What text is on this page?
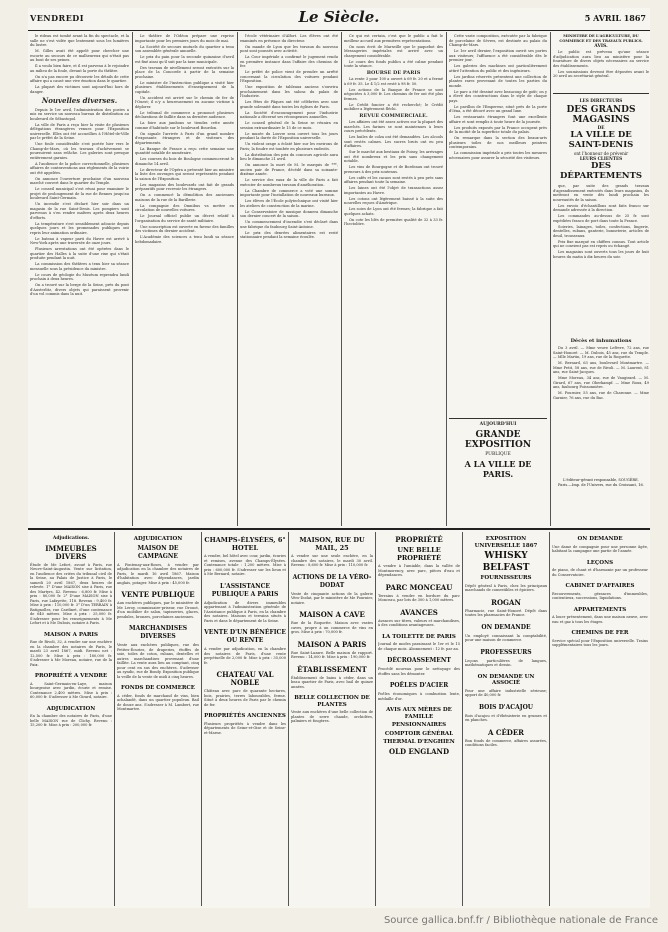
VENDREDI	Le Siècle.	5 AVRIL 1867

le rideau est tombé avant la fin du spectacle, et la salle ne s'est vidée que lentement sous les lumières du lustre.

M. Gilles avait été appelé pour chercher une escorte au secours de ce malheureux qui n'était pas au bout de ses peines.

Il a voulu bien faire, et il est parvenu à le rejoindre au milieu de la foule, devant la porte du théâtre.

On n'a pas encore pu découvrir les détails de cette affaire qui a causé une vive émotion dans le quartier.

La plupart des victimes sont aujourd'hui hors de danger.

Nouvelles diverses.

Depuis le 1er avril, l'administration des postes a mis en service un nouveau bureau de distribution au boulevard de Sébastopol.

La ville de Paris a reçu hier la visite de plusieurs délégations étrangères venues pour l'Exposition universelle. Elles ont été accueillies à l'Hôtel-de-Ville par le préfet de la Seine.

Une foule considérable s'est portée hier vers le Champ-de-Mars, où les travaux d'achèvement se poursuivent sans relâche. Les galeries sont presque entièrement garnies.

A l'audience de la police correctionnelle, plusieurs affaires de contraventions aux règlements de la voirie ont été appelées.

On annonce l'ouverture prochaine d'un nouveau marché couvert dans le quartier du Temple.

Le conseil municipal s'est réuni pour examiner le projet de prolongement de la rue de Rennes jusqu'au boulevard Saint-Germain.

Un incendie s'est déclaré hier soir dans un magasin de la rue Saint-Denis. Les pompiers sont parvenus à s'en rendre maîtres après deux heures d'efforts.

La température s'est sensiblement adoucie depuis quelques jours et les promenades publiques ont repris leur animation ordinaire.

Le bateau à vapeur parti du Havre est arrivé à New-York après une traversée de onze jours.

Plusieurs arrestations ont été opérées dans le quartier des Halles à la suite d'une rixe qui s'était produite pendant la nuit.

La commission des théâtres a tenu hier sa séance mensuelle sous la présidence du ministre.

Le cours de géologie du Muséum reprendra lundi prochain à deux heures.

On a trouvé sur la berge de la Seine, près du pont d'Austerlitz, divers objets qui paraissent provenir d'un vol commis dans la nuit.

Le théâtre de l'Odéon prépare une reprise importante pour les premiers jours du mois de mai.

La Société de secours mutuels du quartier a tenu son assemblée générale annuelle.

Le prix du pain pour la seconde quinzaine d'avril est fixé ainsi qu'il suit par la taxe municipale.

Des travaux de nivellement seront exécutés sur la place de la Concorde à partir de la semaine prochaine.

Le ministre de l'instruction publique a visité hier plusieurs établissements d'enseignement de la capitale.

Un accident est arrivé sur le chemin de fer de l'Ouest; il n'y a heureusement eu aucune victime à déplorer.

Le tribunal de commerce a prononcé plusieurs déclarations de faillite dans sa dernière audience.

La foire aux jambons se tiendra cette année comme d'habitude sur le boulevard Bourdon.

On signale l'arrivée à Paris d'un grand nombre d'exposants étrangers et de visiteurs des départements.

La Banque de France a reçu cette semaine une quantité notable de numéraire.

Les courses du bois de Boulogne commenceront le dimanche 14 avril.

Le directeur de l'Opéra a présenté hier au ministre la liste des ouvrages qui seront représentés pendant la saison de l'Exposition.

Les magasins des boulevards ont fait de grands préparatifs pour recevoir les étrangers.

On a commencé la démolition des anciennes maisons de la rue de la Barillerie.

La compagnie des Omnibus va mettre en circulation de nouvelles voitures.

Le Journal officiel publie un décret relatif à l'organisation du service de santé militaire.

Une souscription est ouverte en faveur des familles des victimes du dernier accident.

L'Académie des sciences a tenu lundi sa séance hebdomadaire.

l'école vétérinaire d'Alfort. Les élèves ont été examinés en présence du directeur.

On mande de Lyon que les travaux du nouveau pont sont poussés avec activité.

La Cour impériale a confirmé le jugement rendu en première instance dans l'affaire des chemins de fer.

Le préfet de police vient de prendre un arrêté concernant la circulation des voitures pendant l'Exposition.

Une exposition de tableaux anciens s'ouvrira prochainement dans les salons du palais de l'Industrie.

Les fêtes de Pâques ont été célébrées avec une grande solennité dans toutes les églises de Paris.

La Société d'encouragement pour l'industrie nationale a décerné ses récompenses annuelles.

Le conseil général de la Seine se réunira en session extraordinaire le 15 de ce mois.

Le musée du Louvre sera ouvert tous les jours pendant la durée de l'Exposition universelle.

Un violent orage a éclaté hier sur les environs de Paris; la foudre est tombée en plusieurs endroits.

La distribution des prix du concours agricole aura lieu le dimanche 21 avril.

On annonce la mort de M. le marquis de ***, ancien pair de France, décédé dans sa soixante-dixième année.

Le service des eaux de la ville de Paris a fait exécuter de nombreux travaux d'amélioration.

La Chambre de commerce a voté une somme importante pour l'installation de nouveaux bureaux.

Les élèves de l'École polytechnique ont visité hier les ateliers de construction de la marine.

Le Conservatoire de musique donnera dimanche son dernier concert de la saison.

Un commencement d'incendie s'est déclaré dans une fabrique du faubourg Saint-Antoine.

Le prix des denrées alimentaires est resté stationnaire pendant la semaine écoulée.

Ce qui est certain, c'est que le public a fait le meilleur accueil aux premières représentations.

On nous écrit de Marseille que le paquebot des Messageries impériales est arrivé avec un chargement considérable.

Le cours des fonds publics a été calme pendant toute la séance.

BOURSE DE PARIS

La rente 3 pour 100 a ouvert à 69 fr. 20 et a fermé à 69 fr. 35. Le 4 1/2 est resté à 98 fr. 50.

Les actions de la Banque de France se sont négociées à 3,000 fr. Les chemins de fer ont été plus fermes.

Le Crédit foncier a été recherché; le Crédit mobilier a légèrement fléchi.

REVUE COMMERCIALE.

Les affaires ont été assez actives sur la plupart des marchés. Les farines se sont maintenues à leurs cours précédents.

Les huiles de colza ont été demandées. Les alcools sont restés calmes. Les sucres bruts ont eu peu d'affaires.

Sur le marché aux bestiaux de Poissy, les arrivages ont été nombreux et les prix sans changement notable.

Les vins de Bourgogne et de Bordeaux ont trouvé preneurs à des prix soutenus.

Les cafés et les cacaos sont restés à peu près sans affaires pendant toute la semaine.

Les laines ont été l'objet de transactions assez importantes au Havre.

Les cotons ont légèrement baissé à la suite des nouvelles reçues d'Amérique.

Les soies de Lyon ont été fermes; la fabrique a fait quelques achats.

On cote les blés de première qualité de 32 à 33 fr. l'hectolitre.

Cette vaste composition, exécutée par la fabrique de porcelaine de Sèvres, est destinée au palais du Champ-de-Mars.

Le 1er avril dernier, l'exposition ouvrit ses portes aux visiteurs; l'affluence a été considérable dès le premier jour.

Les galeries des machines ont particulièrement attiré l'attention du public et des ingénieurs.

Les jardins réservés présentent une collection de plantes rares provenant de toutes les parties du monde.

Le parc a été dessiné avec beaucoup de goût; on y a élevé des constructions dans le style de chaque pays.

Le pavillon de l'Empereur, situé près de la porte d'Iéna, a été décoré avec un grand luxe.

Les restaurants étrangers font une excellente affaire et sont remplis à toute heure de la journée.

Les produits exposés par la France occupent près de la moitié de la superficie totale du palais.

On remarque dans la section des beaux-arts plusieurs toiles de nos meilleurs peintres contemporains.

La commission impériale a pris toutes les mesures nécessaires pour assurer la sécurité des visiteurs.

AUJOURD'HUI
GRANDE EXPOSITION
PUBLIQUE
A LA VILLE DE PARIS.
MINISTÈRE DE L'AGRICULTURE, DU COMMERCE ET DES TRAVAUX PUBLICS.
AVIS.

Le public est prévenu qu'une séance d'adjudication aura lieu au ministère pour la fourniture de divers objets nécessaires au service des établissements.

Les soumissions devront être déposées avant le 20 avril au secrétariat général.

LES DIRECTEURS
DES GRANDS MAGASINS
DE
LA VILLE DE SAINT-DENIS
ont l'honneur de prévenir
LEURS CLIENTES
DES DÉPARTEMENTS

que, par suite des grands travaux d'agrandissement exécutés dans leurs magasins, ils mettront en vente dès lundi prochain les nouveautés de la saison.

Les envois d'échantillons sont faits franco sur demande adressée à la direction.

Les commandes au-dessus de 25 fr. sont expédiées franco de port dans toute la France.

Soieries, lainages, toiles, confections, lingerie, dentelles, rubans, ganterie, bonneterie, articles de deuil, trousseaux.

Prix fixe marqué en chiffres connus. Tout article qui ne convient pas est repris ou échangé.

Les magasins sont ouverts tous les jours de huit heures du matin à dix heures du soir.

Décès et inhumations

Du 3 avril. — Mme veuve Lefèvre, 72 ans, rue Saint-Honoré. — M. Dubois, 45 ans, rue du Temple. — Mlle Martin, 19 ans, rue de la Roquette.

M. Bernard, 63 ans, boulevard Montmartre. — Mme Petit, 58 ans, rue de Rivoli. — M. Laurent, 81 ans, rue Saint-Jacques.

Mme Moreau, 34 ans, rue de Vaugirard. — M. Girard, 67 ans, rue Oberkampf. — Mme Roux, 49 ans, faubourg Poissonnière.

M. Fournier, 55 ans, rue de Charonne. — Mme Garnier, 76 ans, rue du Bac.

L'éditeur-gérant responsable, SOUGÈRE.
Paris.—Imp. de l'Univers, rue du Croissant, 16.
Adjudications.
IMMEUBLES DIVERS
Étude de Me Lefort, avoué à Paris, rue Neuve-Saint-Augustin. Vente sur licitation, en l'audience des criées du tribunal civil de la Seine, au Palais de Justice à Paris, le samedi 20 avril 1867, deux heures de relevée. 1° D'une MAISON sise à Paris, rue des Martyrs, 42. Revenu : 6,800 fr. Mise à prix : 80,000 fr. 2° D'une MAISON sise à Paris, rue Lafayette, 118. Revenu : 9,400 fr. Mise à prix : 110,000 fr. 3° D'un TERRAIN à Batignolles, rue Cardinet, d'une contenance de 640 mètres. Mise à prix : 25,000 fr. S'adresser pour les renseignements à Me Lefort et à Me Dubois, notaire à Paris.
MAISON A PARIS
Rue de Rivoli, 32, à vendre sur une enchère en la chambre des notaires de Paris, le mardi 23 avril 1867, midi. Revenu net : 12,500 fr. Mise à prix : 180,000 fr. S'adresser à Me Moreau, notaire, rue de la Paix.
PROPRIÉTÉ A VENDRE
A Saint-Germain-en-Laye, maison bourgeoise avec jardin, écurie et remise. Contenance 2,400 mètres. Mise à prix : 60,000 fr. S'adresser à Me Girard, notaire.
ADJUDICATION
En la chambre des notaires de Paris, d'une belle MAISON rue de Clichy. Revenu : 15,200 fr. Mise à prix : 200,000 fr.
ADJUDICATION
MAISON DE CAMPAGNE
A Fontenay-aux-Roses, à vendre par adjudication en la chambre des notaires de Paris, le mardi 16 avril 1867. Maison d'habitation avec dépendances, jardin anglais, potager. Mise à prix : 45,000 fr.
VENTE PUBLIQUE
Aux enchères publiques, par le ministère de Me Leroy, commissaire-priseur, rue Drouot, d'un mobilier de salon, tapisseries, glaces, pendules, bronzes, porcelaines anciennes.
MARCHANDISES DIVERSES
Vente aux enchères publiques, rue des Petites-Écuries, de draperies, étoffes de soie, toiles de coton, rubans, dentelles et autres marchandises provenant d'une faillite. La vente aura lieu au comptant, cinq pour cent en sus des enchères. S'adresser au syndic, rue de Bondy. Exposition publique la veille de la vente de midi à cinq heures.
FONDS DE COMMERCE
A céder, fonds de marchand de vins, bien achalandé, dans un quartier populeux. Bail de douze ans. S'adresser à M. Lambert, rue Montmartre.
CHAMPS-ÉLYSÉES, 6° HOTEL
A vendre, bel hôtel avec cour, jardin, écuries et remises, avenue des Champs-Élysées. Contenance totale : 1,200 mètres. Mise à prix : 600,000 fr. S'adresser sur les lieux et à Me Bernard, notaire.
L'ASSISTANCE PUBLIQUE A PARIS
Adjudication de divers immeubles appartenant à l'administration générale de l'Assistance publique à Paris, en la chambre des notaires. Maisons et terrains situés à Paris et dans le département de la Seine.
VENTE D'UN BÉNÉFICE OU RENTE
A vendre par adjudication, en la chambre des notaires de Paris, d'une rente perpétuelle de 2,000 fr. Mise à prix : 35,000 fr.
CHATEAU VAL NOBLE
Château avec parc de quarante hectares, bois, prairies, terres labourables, ferme. Situé à deux heures de Paris par le chemin de fer.
PROPRIÉTÉS ANCIENNES
Plusieurs propriétés à vendre dans les départements de Seine-et-Oise et de Seine-et-Marne.
MAISON, RUE DU MAIL, 25
A vendre sur une seule enchère, en la chambre des notaires, le mardi 30 avril. Revenu : 8,600 fr. Mise à prix : 110,000 fr.
ACTIONS DE LA VÉRO-DODAT
Vente de cinquante actions de la galerie Véro-Dodat, par le ministère de Me Fournier, notaire.
MAISON A CAVE
Rue de la Roquette. Maison avec vastes caves, propre à un commerce de vins en gros. Mise à prix : 70,000 fr.
MAISON A PARIS
Rue Saint-Lazare. Belle maison de rapport. Revenu : 14,000 fr. Mise à prix : 190,000 fr.
ÉTABLISSEMENT
Établissement de bains à céder, dans un beau quartier de Paris, avec bail de quinze années.
BELLE COLLECTION DE PLANTES
Vente aux enchères d'une belle collection de plantes de serre chaude, orchidées, palmiers et fougères.
PROPRIÉTÉ
UNE BELLE PROPRIÉTÉ
A vendre à l'amiable, dans la vallée de Montmorency, avec parc, pièces d'eau et dépendances.
PARC MONCEAU
Terrains à vendre en bordure du parc Monceau, par lots de 300 à 1,000 mètres.
AVANCES
Avances sur titres, valeurs et marchandises, à des conditions avantageuses.
LA TOILETTE DE PARIS
Journal de modes paraissant le 1er et le 15 de chaque mois. Abonnement : 12 fr. par an.
DÉCROASSEMENT
Procédé nouveau pour le nettoyage des étoffes sans les démonter.
POÊLES D'ACIER
Poêles économiques à combustion lente, médaille d'or.
AVIS AUX MÈRES DE FAMILLE
PENSIONNAIRES
COMPTOIR GÉNÉRAL
THERMAL D'ENGHIEN
OLD ENGLAND
EXPOSITION UNIVERSELLE 1867
WHISKY
BELFAST
FOURNISSEURS
Dépôt général à Paris, chez les principaux marchands de comestibles et épiciers.
ROGAN
Pharmacie, rue Saint-Honoré. Dépôt dans toutes les pharmacies de France.
ON DEMANDE
Un employé connaissant la comptabilité, pour une maison de commerce.
PROFESSEURS
Leçons particulières de langues, mathématiques et dessin.
ON DEMANDE UN ASSOCIÉ
Pour une affaire industrielle sérieuse; apport de 40,000 fr.
BOIS D'ACAJOU
Bois d'acajou et d'ébénisterie en grumes et en planches.
A CÉDER
Bon fonds de commerce, affaires assurées, conditions faciles.
ON DEMANDE
Une dame de compagnie pour une personne âgée, habitant la campagne une partie de l'année.
LEÇONS
de piano, de chant et d'harmonie par un professeur du Conservatoire.
CABINET D'AFFAIRES
Recouvrements, gérances d'immeubles, contentieux, successions, liquidations.
APPARTEMENTS
A louer présentement, dans une maison neuve, avec eau et gaz à tous les étages.
CHEMINS DE FER
Service spécial pour l'Exposition universelle. Trains supplémentaires tous les jours.
Source gallica.bnf.fr / Bibliothèque nationale de France
